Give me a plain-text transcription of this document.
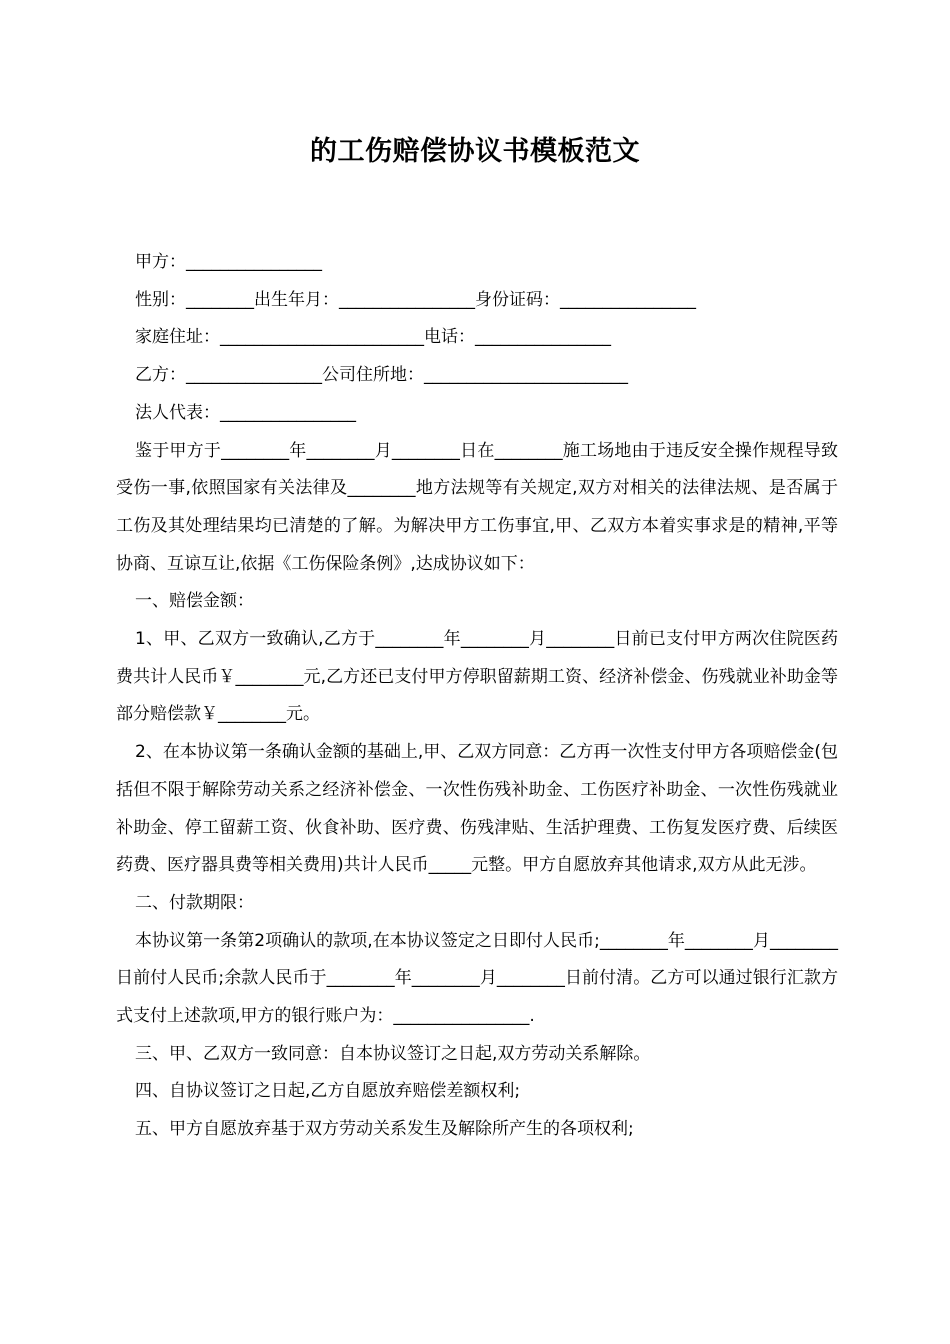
的工伤赔偿协议书模板范文

甲方：________________

性别：________出生年月：________________身份证码：________________

家庭住址：________________________电话：________________

乙方：________________公司住所地：________________________

法人代表：________________

鉴于甲方于________年________月________日在________施工场地由于违反安全操作规程导致受伤一事,依照国家有关法律及________地方法规等有关规定,双方对相关的法律法规、是否属于工伤及其处理结果均已清楚的了解。为解决甲方工伤事宜,甲、乙双方本着实事求是的精神,平等协商、互谅互让,依据《工伤保险条例》,达成协议如下：

一、赔偿金额：

1、甲、乙双方一致确认,乙方于________年________月________日前已支付甲方两次住院医药费共计人民币￥________元,乙方还已支付甲方停职留薪期工资、经济补偿金、伤残就业补助金等部分赔偿款￥________元。

2、在本协议第一条确认金额的基础上,甲、乙双方同意：乙方再一次性支付甲方各项赔偿金(包括但不限于解除劳动关系之经济补偿金、一次性伤残补助金、工伤医疗补助金、一次性伤残就业补助金、停工留薪工资、伙食补助、医疗费、伤残津贴、生活护理费、工伤复发医疗费、后续医药费、医疗器具费等相关费用)共计人民币_____元整。甲方自愿放弃其他请求,双方从此无涉。

二、付款期限：

本协议第一条第2项确认的款项,在本协议签定之日即付人民币;________年________月________日前付人民币;余款人民币于________年________月________日前付清。乙方可以通过银行汇款方式支付上述款项,甲方的银行账户为：________________.

三、甲、乙双方一致同意：自本协议签订之日起,双方劳动关系解除。

四、自协议签订之日起,乙方自愿放弃赔偿差额权利;

五、甲方自愿放弃基于双方劳动关系发生及解除所产生的各项权利;
